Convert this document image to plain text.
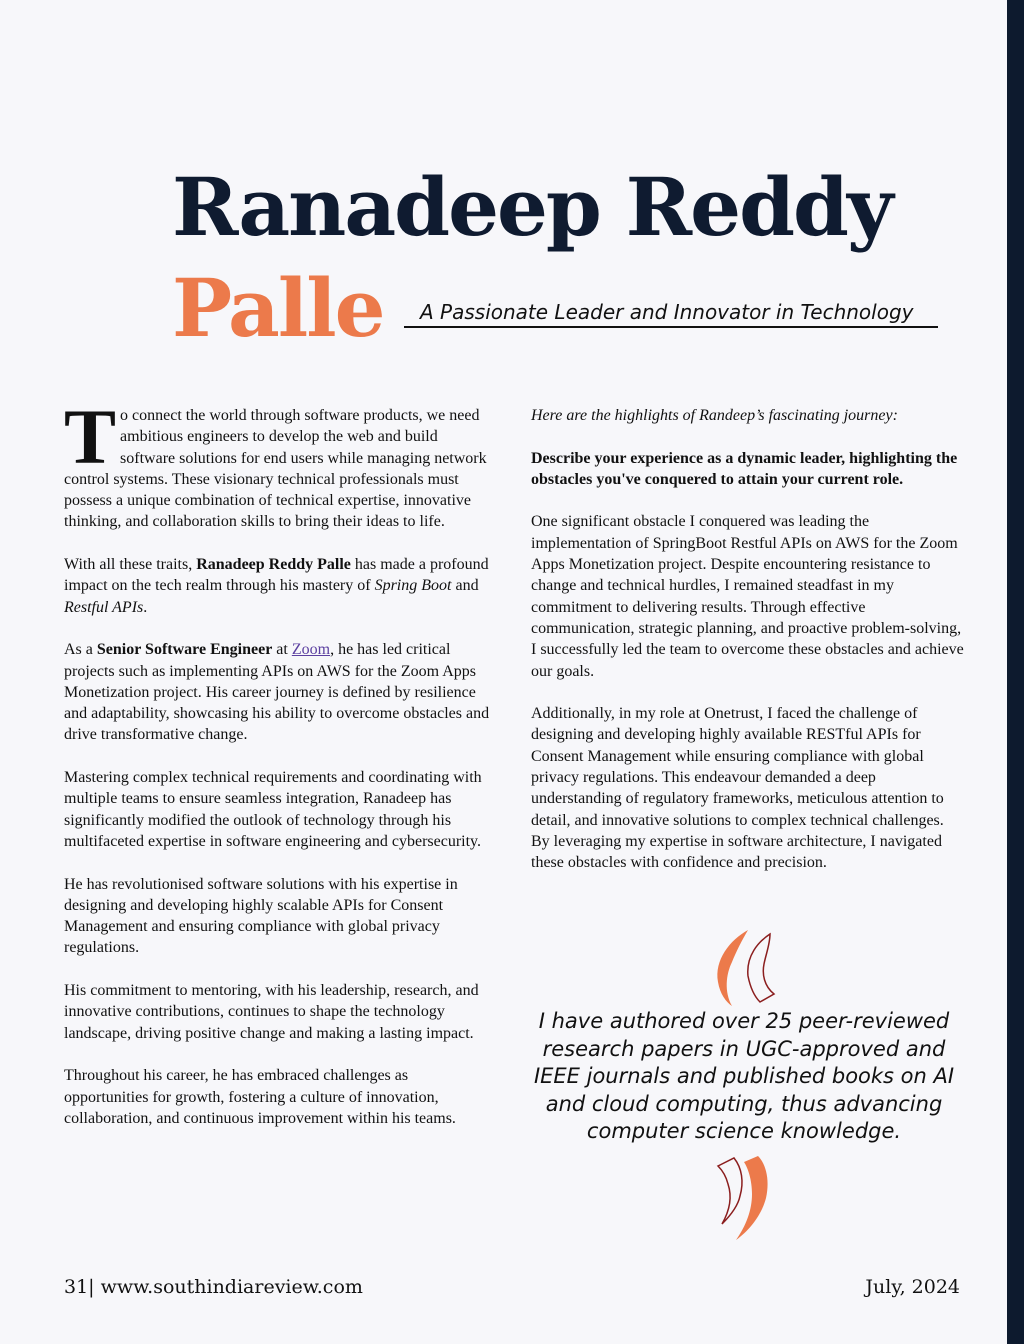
Ranadeep Reddy
Palle	A Passionate Leader and Innovator in Technology

To connect the world through software products, we need ambitious engineers to develop the web and build software solutions for end users while managing network control systems. These visionary technical professionals must possess a unique combination of technical expertise, innovative thinking, and collaboration skills to bring their ideas to life.

With all these traits, Ranadeep Reddy Palle has made a profound impact on the tech realm through his mastery of Spring Boot and Restful APIs.

As a Senior Software Engineer at Zoom, he has led critical projects such as implementing APIs on AWS for the Zoom Apps Monetization project. His career journey is defined by resilience and adaptability, showcasing his ability to overcome obstacles and drive transformative change.

Mastering complex technical requirements and coordinating with multiple teams to ensure seamless integration, Ranadeep has significantly modified the outlook of technology through his multifaceted expertise in software engineering and cybersecurity.

He has revolutionised software solutions with his expertise in designing and developing highly scalable APIs for Consent Management and ensuring compliance with global privacy regulations.

His commitment to mentoring, with his leadership, research, and innovative contributions, continues to shape the technology landscape, driving positive change and making a lasting impact.

Throughout his career, he has embraced challenges as opportunities for growth, fostering a culture of innovation, collaboration, and continuous improvement within his teams.

Here are the highlights of Randeep’s fascinating journey:

Describe your experience as a dynamic leader, highlighting the obstacles you've conquered to attain your current role.

One significant obstacle I conquered was leading the implementation of SpringBoot Restful APIs on AWS for the Zoom Apps Monetization project. Despite encountering resistance to change and technical hurdles, I remained steadfast in my commitment to delivering results. Through effective communication, strategic planning, and proactive problem-solving, I successfully led the team to overcome these obstacles and achieve our goals.

Additionally, in my role at Onetrust, I faced the challenge of designing and developing highly available RESTful APIs for Consent Management while ensuring compliance with global privacy regulations. This endeavour demanded a deep understanding of regulatory frameworks, meticulous attention to detail, and innovative solutions to complex technical challenges. By leveraging my expertise in software architecture, I navigated these obstacles with confidence and precision.

I have authored over 25 peer-reviewed research papers in UGC-approved and IEEE journals and published books on AI and cloud computing, thus advancing computer science knowledge.

31| www.southindiareview.com	July, 2024
